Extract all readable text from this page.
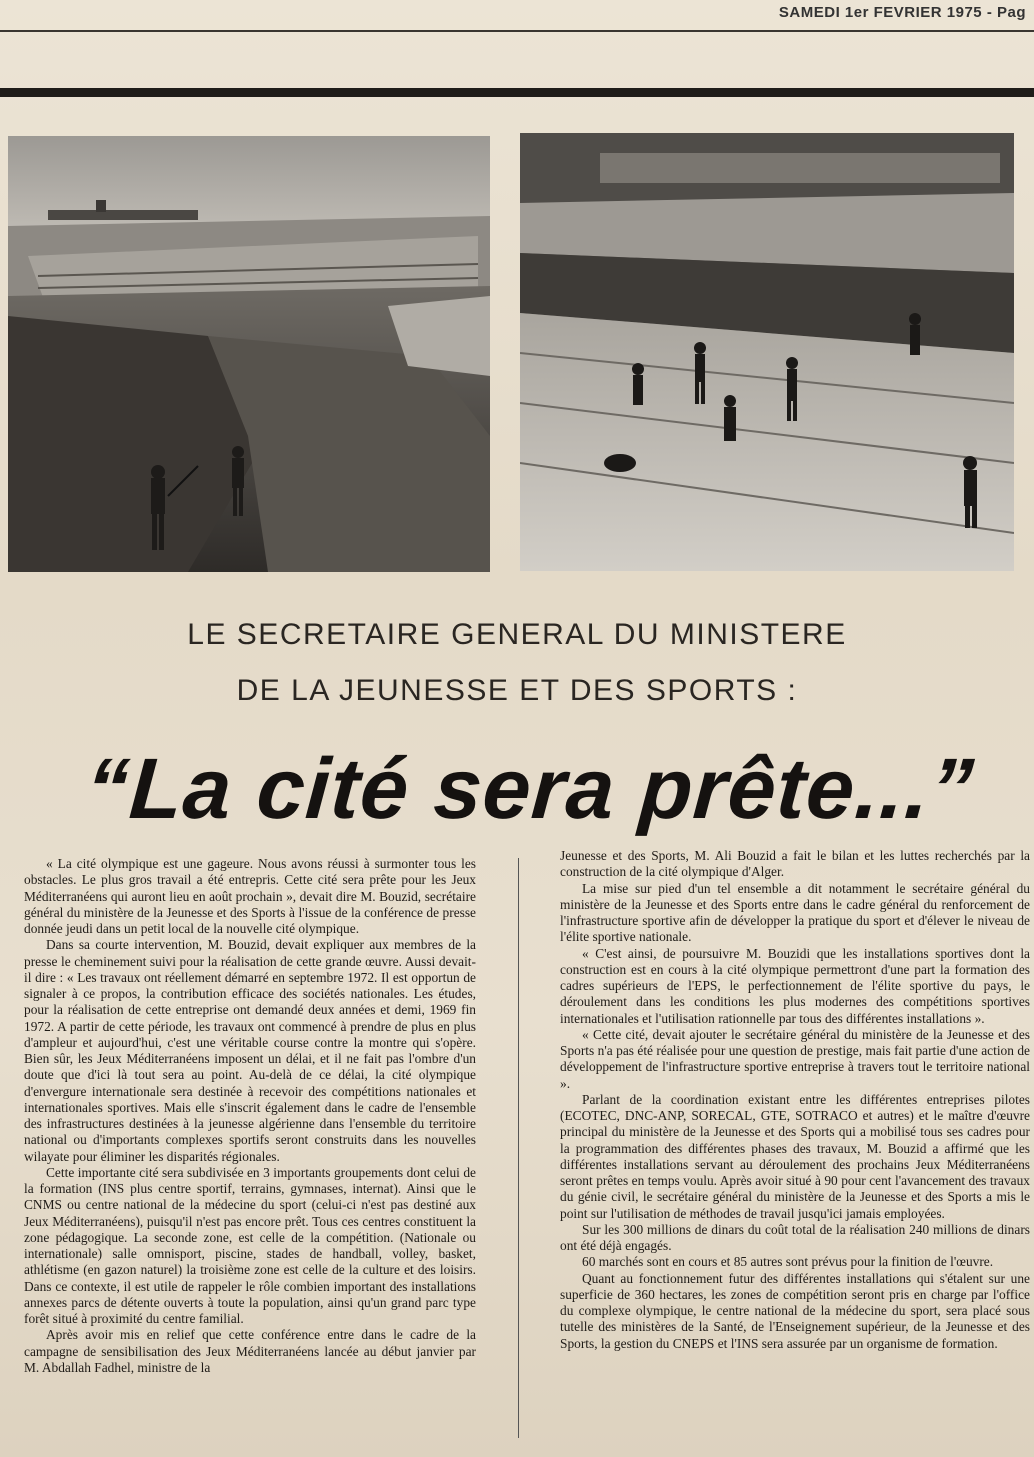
SAMEDI 1er FEVRIER 1975 - Pag
LE SECRETAIRE GENERAL DU MINISTERE
DE LA JEUNESSE ET DES SPORTS :
“La cité sera prête...”

« La cité olympique est une gageure. Nous avons réussi à surmonter tous les obstacles. Le plus gros travail a été entrepris. Cette cité sera prête pour les Jeux Méditerranéens qui auront lieu en août prochain », devait dire M. Bouzid, secrétaire général du ministère de la Jeunesse et des Sports à l'issue de la conférence de presse donnée jeudi dans un petit local de la nouvelle cité olympique.

Dans sa courte intervention, M. Bouzid, devait expliquer aux membres de la presse le cheminement suivi pour la réalisation de cette grande œuvre. Aussi devait-il dire : « Les travaux ont réellement démarré en septembre 1972. Il est opportun de signaler à ce propos, la contribution efficace des sociétés nationales. Les études, pour la réalisation de cette entreprise ont demandé deux années et demi, 1969 fin 1972. A partir de cette période, les travaux ont commencé à prendre de plus en plus d'ampleur et aujourd'hui, c'est une véritable course contre la montre qui s'opère. Bien sûr, les Jeux Méditerranéens imposent un délai, et il ne fait pas l'ombre d'un doute que d'ici là tout sera au point. Au-delà de ce délai, la cité olympique d'envergure internationale sera destinée à recevoir des compétitions nationales et internationales sportives. Mais elle s'inscrit également dans le cadre de l'ensemble des infrastructures destinées à la jeunesse algérienne dans l'ensemble du territoire national ou d'importants complexes sportifs seront construits dans les nouvelles wilayate pour éliminer les disparités régionales.

Cette importante cité sera subdivisée en 3 importants groupements dont celui de la formation (INS plus centre sportif, terrains, gymnases, internat). Ainsi que le CNMS ou centre national de la médecine du sport (celui-ci n'est pas destiné aux Jeux Méditerranéens), puisqu'il n'est pas encore prêt. Tous ces centres constituent la zone pédagogique. La seconde zone, est celle de la compétition. (Nationale ou internationale) salle omnisport, piscine, stades de handball, volley, basket, athlétisme (en gazon naturel) la troisième zone est celle de la culture et des loisirs. Dans ce contexte, il est utile de rappeler le rôle combien important des installations annexes parcs de détente ouverts à toute la population, ainsi qu'un grand parc type forêt situé à proximité du centre familial.

Après avoir mis en relief que cette conférence entre dans le cadre de la campagne de sensibilisation des Jeux Méditerranéens lancée au début janvier par M. Abdallah Fadhel, ministre de la

Jeunesse et des Sports, M. Ali Bouzid a fait le bilan et les luttes recherchés par la construction de la cité olympique d'Alger.

La mise sur pied d'un tel ensemble a dit notamment le secrétaire général du ministère de la Jeunesse et des Sports entre dans le cadre général du renforcement de l'infrastructure sportive afin de développer la pratique du sport et d'élever le niveau de l'élite sportive nationale.

« C'est ainsi, de poursuivre M. Bouzidi que les installations sportives dont la construction est en cours à la cité olympique permettront d'une part la formation des cadres supérieurs de l'EPS, le perfectionnement de l'élite sportive du pays, le déroulement dans les conditions les plus modernes des compétitions sportives internationales et l'utilisation rationnelle par tous des différentes installations ».

« Cette cité, devait ajouter le secrétaire général du ministère de la Jeunesse et des Sports n'a pas été réalisée pour une question de prestige, mais fait partie d'une action de développement de l'infrastructure sportive entreprise à travers tout le territoire national ».

Parlant de la coordination existant entre les différentes entreprises pilotes (ECOTEC, DNC-ANP, SORECAL, GTE, SOTRACO et autres) et le maître d'œuvre principal du ministère de la Jeunesse et des Sports qui a mobilisé tous ses cadres pour la programmation des différentes phases des travaux, M. Bouzid a affirmé que les différentes installations servant au déroulement des prochains Jeux Méditerranéens seront prêtes en temps voulu. Après avoir situé à 90 pour cent l'avancement des travaux du génie civil, le secrétaire général du ministère de la Jeunesse et des Sports a mis le point sur l'utilisation de méthodes de travail jusqu'ici jamais employées.

Sur les 300 millions de dinars du coût total de la réalisation 240 millions de dinars ont été déjà engagés.

60 marchés sont en cours et 85 autres sont prévus pour la finition de l'œuvre.

Quant au fonctionnement futur des différentes installations qui s'étalent sur une superficie de 360 hectares, les zones de compétition seront pris en charge par l'office du complexe olympique, le centre national de la médecine du sport, sera placé sous tutelle des ministères de la Santé, de l'Enseignement supérieur, de la Jeunesse et des Sports, la gestion du CNEPS et l'INS sera assurée par un organisme de formation.
